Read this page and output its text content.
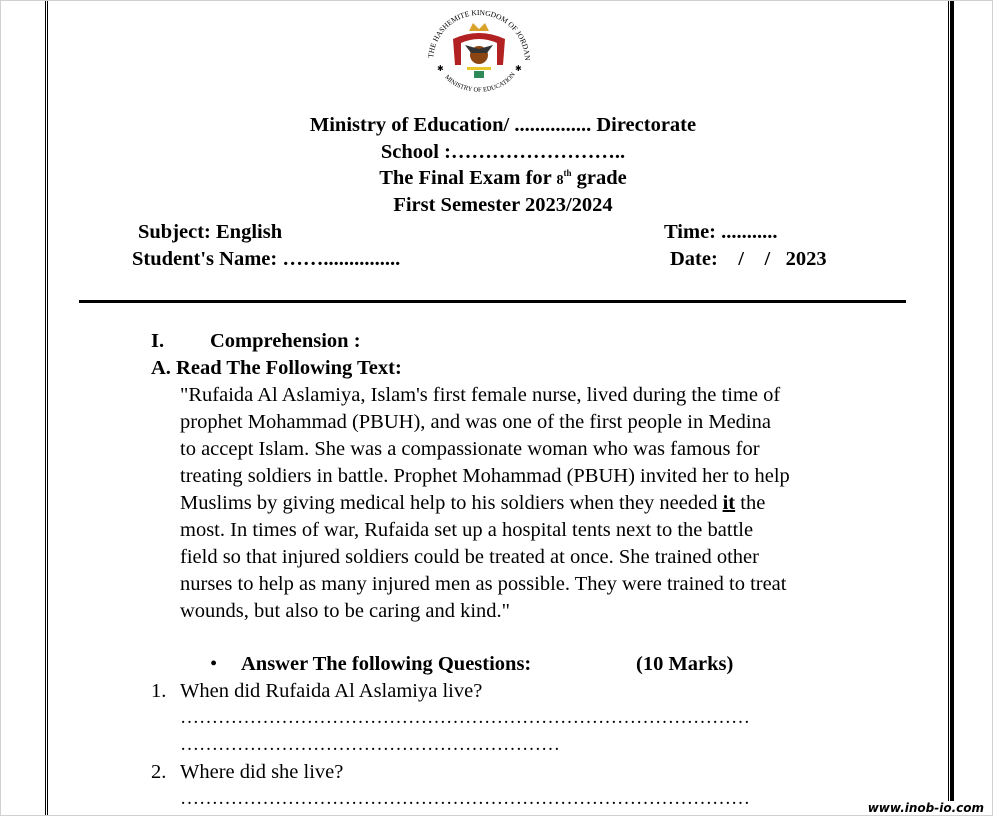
THE HASHEMITE KINGDOM OF JORDAN
MINISTRY OF EDUCATION
✱	✱
Ministry of Education/ ............... Directorate
School :……………………..
The Final Exam for 8th grade
First Semester 2023/2024
Subject: English	Time: ...........
Student's Name: ……...............	Date:    /    /   2023
I. Comprehension :
A. Read The Following Text:
"Rufaida Al Aslamiya, Islam's first female nurse, lived during the time of
prophet Mohammad (PBUH), and was one of the first people in Medina
to accept Islam. She was a compassionate woman who was famous for
treating soldiers in battle. Prophet Mohammad (PBUH) invited her to help
Muslims by giving medical help to his soldiers when they needed it the
most. In times of war, Rufaida set up a hospital tents next to the battle
field so that injured soldiers could be treated at once. She trained other
nurses to help as many injured men as possible. They were trained to treat
wounds, but also to be caring and kind."
• Answer The following Questions:	(10 Marks)
1. When did Rufaida Al Aslamiya live?
………………………………………………………………………………
……………………………………………………
2. Where did she live?
………………………………………………………………………………	www.inob-io.com
